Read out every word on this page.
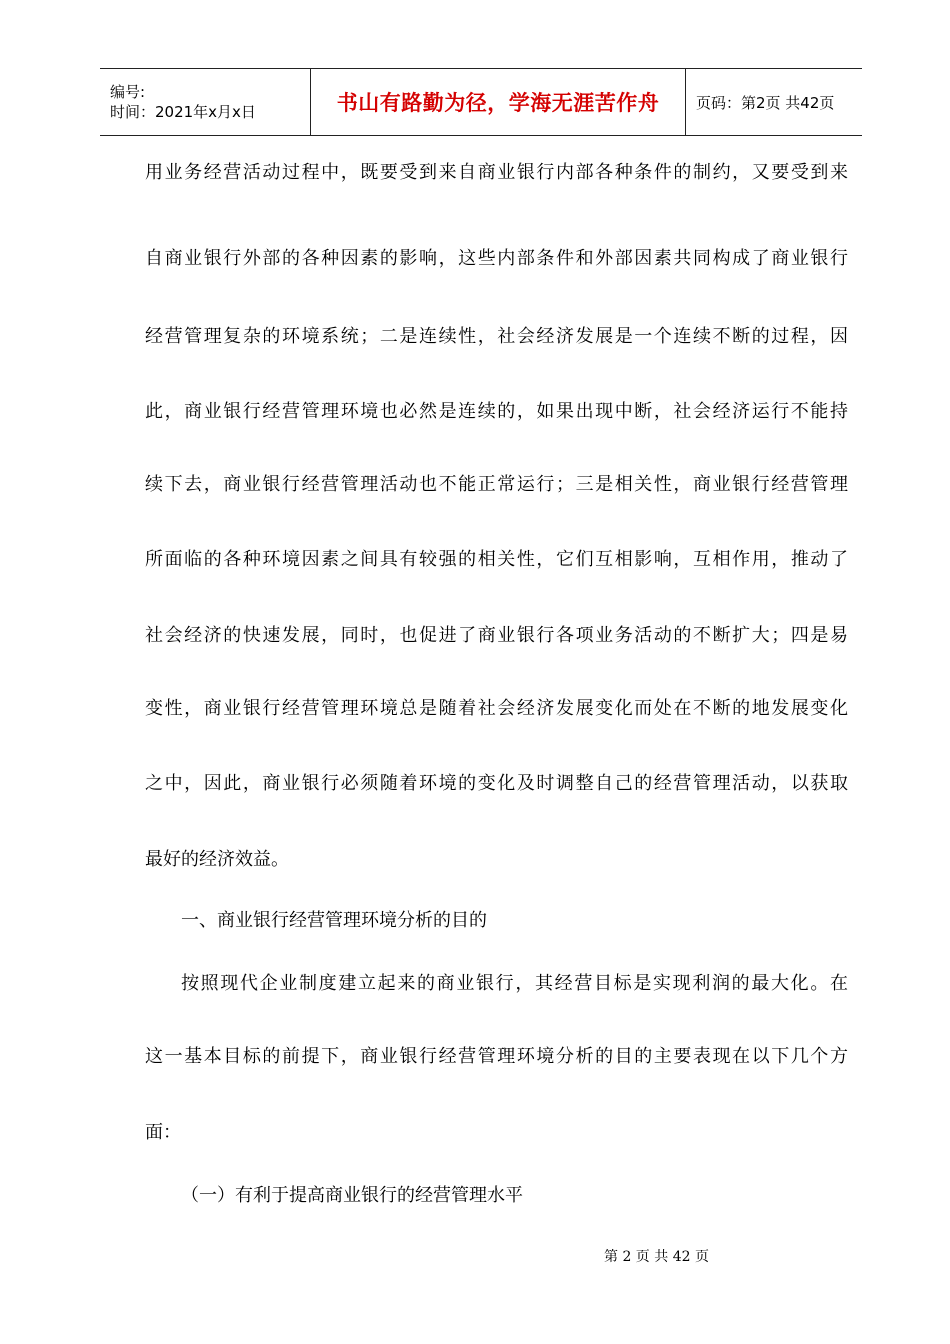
编号:
时间：2021年x月x日	书山有路勤为径，学海无涯苦作舟	页码：第2页 共42页
用业务经营活动过程中，既要受到来自商业银行内部各种条件的制约，又要受到来
自商业银行外部的各种因素的影响，这些内部条件和外部因素共同构成了商业银行
经营管理复杂的环境系统；二是连续性，社会经济发展是一个连续不断的过程，因
此，商业银行经营管理环境也必然是连续的，如果出现中断，社会经济运行不能持
续下去，商业银行经营管理活动也不能正常运行；三是相关性，商业银行经营管理
所面临的各种环境因素之间具有较强的相关性，它们互相影响，互相作用，推动了
社会经济的快速发展，同时，也促进了商业银行各项业务活动的不断扩大；四是易
变性，商业银行经营管理环境总是随着社会经济发展变化而处在不断的地发展变化
之中，因此，商业银行必须随着环境的变化及时调整自己的经营管理活动，以获取
最好的经济效益。
一、商业银行经营管理环境分析的目的
按照现代企业制度建立起来的商业银行，其经营目标是实现利润的最大化。在
这一基本目标的前提下，商业银行经营管理环境分析的目的主要表现在以下几个方
面：
（一）有利于提高商业银行的经营管理水平
第 2 页 共 42 页
